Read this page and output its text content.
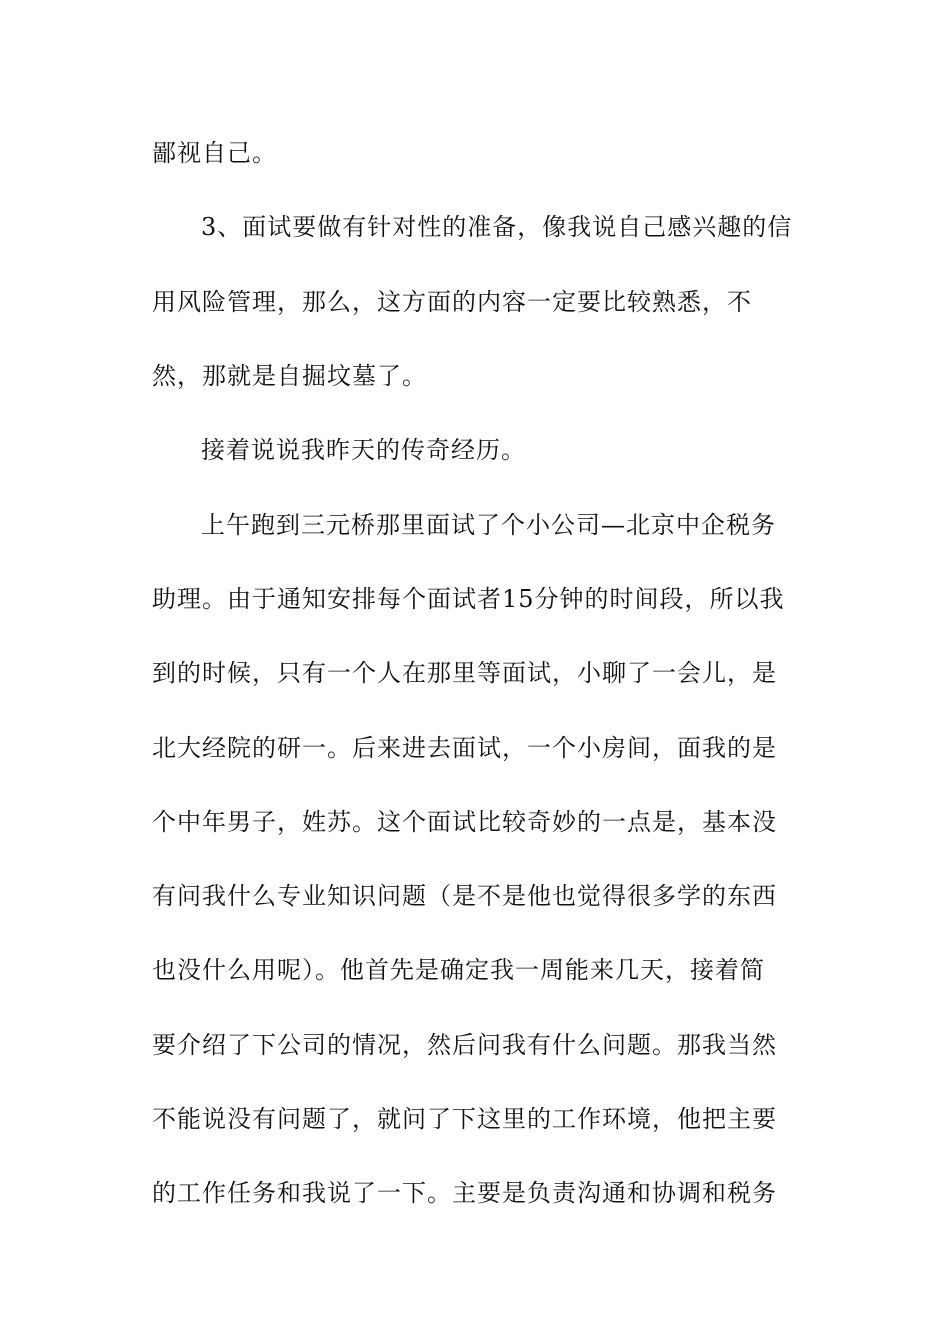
鄙视自己。
3、面试要做有针对性的准备，像我说自己感兴趣的信
用风险管理，那么，这方面的内容一定要比较熟悉，不
然，那就是自掘坟墓了。
接着说说我昨天的传奇经历。
上午跑到三元桥那里面试了个小公司—北京中企税务
助理。由于通知安排每个面试者15分钟的时间段，所以我
到的时候，只有一个人在那里等面试，小聊了一会儿，是
北大经院的研一。后来进去面试，一个小房间，面我的是
个中年男子，姓苏。这个面试比较奇妙的一点是，基本没
有问我什么专业知识问题（是不是他也觉得很多学的东西
也没什么用呢）。他首先是确定我一周能来几天，接着简
要介绍了下公司的情况，然后问我有什么问题。那我当然
不能说没有问题了，就问了下这里的工作环境，他把主要
的工作任务和我说了一下。主要是负责沟通和协调和税务
